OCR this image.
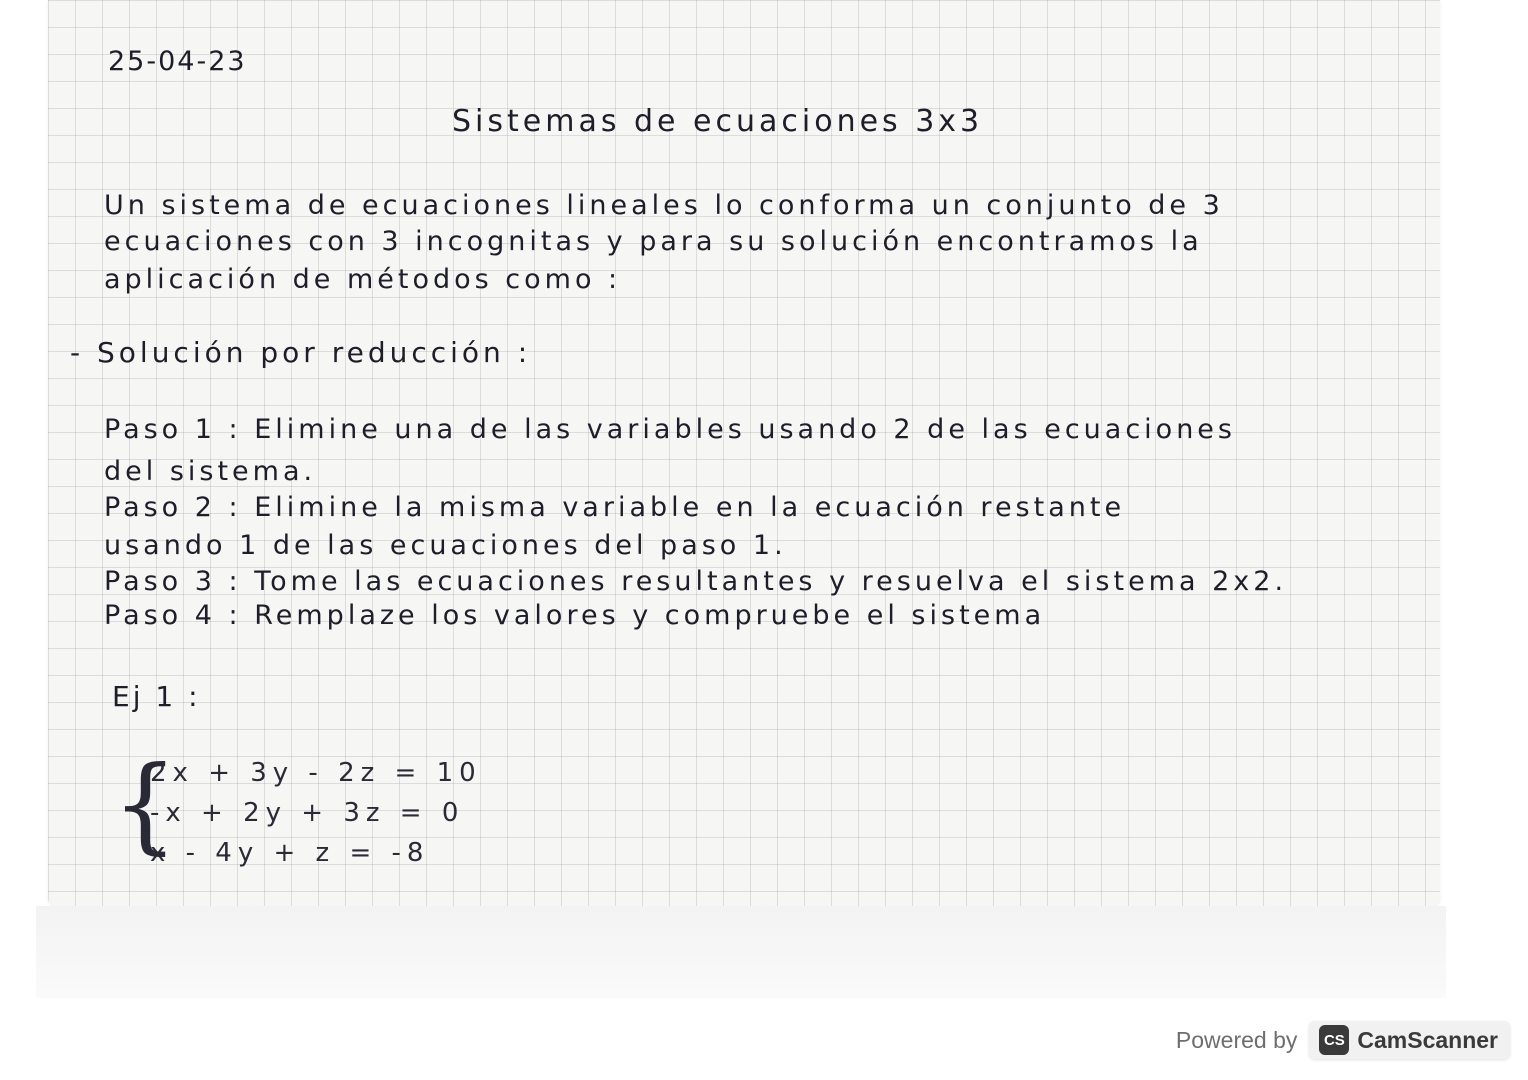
25-04-23
Sistemas de ecuaciones 3x3
Un sistema de ecuaciones lineales lo conforma un conjunto de 3
ecuaciones con 3 incognitas y para su solución encontramos la
aplicación de métodos como :
- Solución por reducción :
Paso 1 : Elimine una de las variables usando 2 de las ecuaciones
del sistema.
Paso 2 : Elimine la misma variable en la ecuación restante
usando 1 de las ecuaciones del paso 1.
Paso 3 : Tome las ecuaciones resultantes y resuelva el sistema 2x2.
Paso 4 : Remplaze los valores y compruebe el sistema
Ej 1 :
{
2x + 3y - 2z = 10
-x + 2y + 3z = 0
x - 4y + z = -8
Powered by	CS CamScanner
